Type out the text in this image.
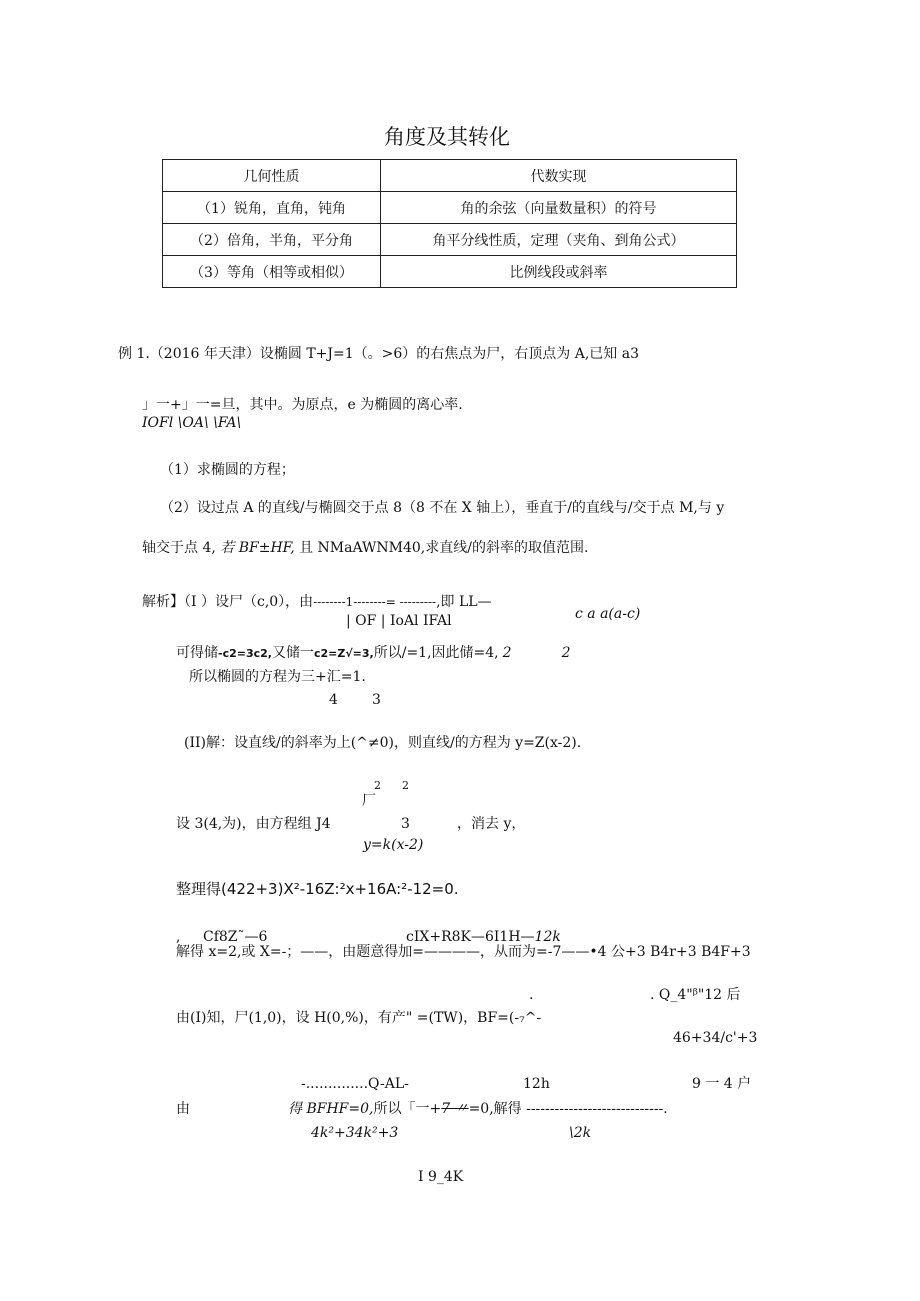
角度及其转化
几何性质	代数实现
（1）锐角，直角，钝角	角的余弦（向量数量积）的符号
（2）倍角，半角，平分角	角平分线性质，定理（夹角、到角公式）
（3）等角（相等或相似）	比例线段或斜率
例 1.（2016 年天津）设椭圆 T+J=1（。>6）的右焦点为尸，右顶点为 A,已知 a3
」一+」一=旦，其中。为原点，e 为椭圆的离心率.
IOFl \OA\ \FA\
（1）求椭圆的方程；
（2）设过点 A 的直线/与椭圆交于点 8（8 不在 X 轴上），垂直于/的直线与/交于点 M,与 y
轴交于点 4, 若 BF±HF, 且 NMaAWNM40,求直线/的斜率的取值范围.
解析】（I ）设尸（c,0），由--------1--------= ---------,即 LL—
c a a(a-c)
| OF | IoAl IFAl
可得储-c2=3c2,又储一c2=Z√=3,所以/=1,因此储=4, 2	2
所以椭圆的方程为三+汇=1.
4 3
(II)解：设直线/的斜率为上(^≠0)，则直线/的方程为 y=Z(x-2).
2 2
厂
设 3(4,为)，由方程组 J4	3	，消去 y，
y=k(x-2)
整理得(422+3)X²-16Z:²x+16A:²-12=0.
Cf8Z˜—6
,	cIX+R8K—6I1H—12k
解得 x=2,或 X=-；——，由题意得加=————，从而为=-7——•4 公+3 B4r+3 B4F+3
.	. Q_4"ᵝ"12 后
由(I)知，尸(1,0)，设 H(0,%)，有产" =(TW)，BF=(-₇^-
46+34/c'+3
-..............Q-AL-	12h	9 一 4 户
由	得 BFHF=0,所以「一+7 〃=0,解得 -----------------------------.
4k²+34k²+3	\2k
I 9_4K
